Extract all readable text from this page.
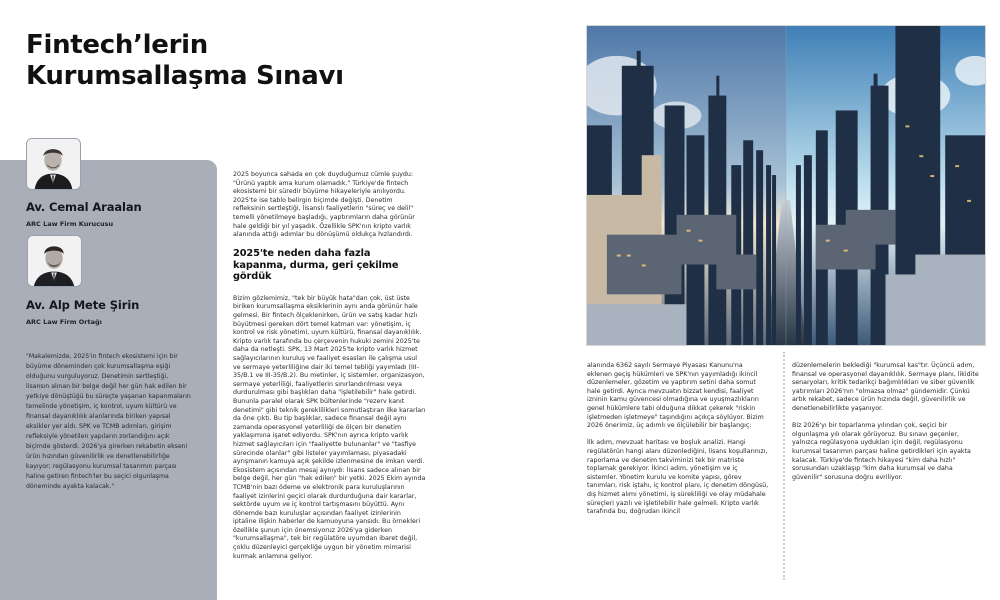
Fintech’lerin
Kurumsallaşma Sınavı
Av. Cemal Araalan
ARC Law Firm Kurucusu
Av. Alp Mete Şirin
ARC Law Firm Ortağı
"Makalemizde, 2025'in fintech ekosistemi için bir büyüme döneminden çok kurumsallaşma eşiği olduğunu vurguluyoruz. Denetimin sertleştiği, lisansın alınan bir belge değil her gün hak edilen bir yetkiye dönüştüğü bu süreçte yaşanan kapanmaların temelinde yönetişim, iç kontrol, uyum kültürü ve finansal dayanıklılık alanlarında biriken yapısal eksikler yer aldı. SPK ve TCMB adımları, girişim refleksiyle yönetilen yapıların zorlandığını açık biçimde gösterdi. 2026'ya girerken rekabetin ekseni ürün hızından güvenilirlik ve denetlenebilirliğe kayıyor; regülasyonu kurumsal tasarımın parçası haline getiren fintech'ler bu seçici olgunlaşma döneminde ayakta kalacak."

2025 boyunca sahada en çok duyduğumuz cümle şuydu: "Ürünü yaptık ama kurum olamadık." Türkiye'de fintech ekosistemi bir süredir büyüme hikayeleriyle anılıyordu. 2025'te ise tablo belirgin biçimde değişti. Denetim refleksinin sertleştiği, lisanslı faaliyetlerin "süreç ve delil" temelli yönetilmeye başladığı, yaptırımların daha görünür hale geldiği bir yıl yaşadık. Özellikle SPK'nın kripto varlık alanında attığı adımlar bu dönüşümü oldukça hızlandırdı.

2025'te neden daha fazla kapanma, durma, geri çekilme gördük

Bizim gözlemimiz, "tek bir büyük hata"dan çok, üst üste biriken kurumsallaşma eksiklerinin aynı anda görünür hale gelmesi. Bir fintech ölçeklenirken, ürün ve satış kadar hızlı büyütmesi gereken dört temel katman var: yönetişim, iç kontrol ve risk yönetimi, uyum kültürü, finansal dayanıklılık. Kripto varlık tarafında bu çerçevenin hukuki zemini 2025'te daha da netleşti. SPK, 13 Mart 2025'te kripto varlık hizmet sağlayıcılarının kuruluş ve faaliyet esasları ile çalışma usul ve sermaye yeterliliğine dair iki temel tebliği yayımladı (III-35/B.1 ve III-35/B.2). Bu metinler, iç sistemler, organizasyon, sermaye yeterliliği, faaliyetlerin sınırlandırılması veya durdurulması gibi başlıkları daha "işletilebilir" hale getirdi.

Bununla paralel olarak SPK bültenlerinde "rezerv kanıt denetimi" gibi teknik gereklilikleri somutlaştıran ilke kararları da öne çıktı. Bu tip başlıklar, sadece finansal değil aynı zamanda operasyonel yeterliliği de ölçen bir denetim yaklaşımına işaret ediyordu. SPK'nın ayrıca kripto varlık hizmet sağlayıcıları için "faaliyette bulunanlar" ve "tasfiye sürecinde olanlar" gibi listeler yayımlaması, piyasadaki ayrışmanın kamuya açık şekilde izlenmesine de imkan verdi. Ekosistem açısından mesaj aynıydı: lisans sadece alınan bir belge değil, her gün "hak edilen" bir yetki. 2025 Ekim ayında TCMB'nin bazı ödeme ve elektronik para kuruluşlarının faaliyet izinlerini geçici olarak durdurduğuna dair kararlar, sektörde uyum ve iç kontrol tartışmasını büyüttü. Aynı dönemde bazı kuruluşlar açısından faaliyet izinlerinin iptaline ilişkin haberler de kamuoyuna yansıdı. Bu örnekleri özellikle şunun için önemsiyoruz 2026'ya giderken "kurumsallaşma", tek bir regülatöre uyumdan ibaret değil, çoklu düzenleyici gerçekliğe uygun bir yönetim mimarisi kurmak anlamına geliyor.

alanında 6362 sayılı Sermaye Piyasası Kanunu'na eklenen geçiş hükümleri ve SPK'nın yayımladığı ikincil düzenlemeler, gözetim ve yaptırım setini daha somut hale getirdi. Ayrıca mevzuatın bizzat kendisi, faaliyet izninin kamu güvencesi olmadığına ve uyuşmazlıkların genel hükümlere tabi olduğuna dikkat çekerek "riskin işletmeden işletmeye" taşındığını açıkça söylüyor. Bizim 2026 önerimiz, üç adımlı ve ölçülebilir bir başlangıç:

İlk adım, mevzuat haritası ve boşluk analizi. Hangi regülatörün hangi alanı düzenlediğini, lisans koşullarınızı, raporlama ve denetim takviminizi tek bir matriste toplamak gerekiyor. İkinci adım, yönetişim ve iç sistemler. Yönetim kurulu ve komite yapısı, görev tanımları, risk iştahı, iç kontrol planı, iç denetim döngüsü, dış hizmet alımı yönetimi, iş sürekliliği ve olay müdahale süreçleri yazılı ve işletilebilir hale gelmeli. Kripto varlık tarafında bu, doğrudan ikincil

düzenlemelerin beklediği "kurumsal kas"tır. Üçüncü adım, finansal ve operasyonel dayanıklılık. Sermaye planı, likidite senaryoları, kritik tedarikçi bağımlılıkları ve siber güvenlik yatırımları 2026'nın "olmazsa olmaz" gündemidir. Çünkü artık rekabet, sadece ürün hızında değil, güvenilirlik ve denetlenebilirlikte yaşanıyor.

Biz 2026'yı bir toparlanma yılından çok, seçici bir olgunlaşma yılı olarak görüyoruz. Bu sınavı geçenler, yalnızca regülasyona uydukları için değil, regülasyonu kurumsal tasarımın parçası haline getirdikleri için ayakta kalacak. Türkiye'de fintech hikayesi "kim daha hızlı" sorusundan uzaklaşıp "kim daha kurumsal ve daha güvenilir" sorusuna doğru evriliyor.
